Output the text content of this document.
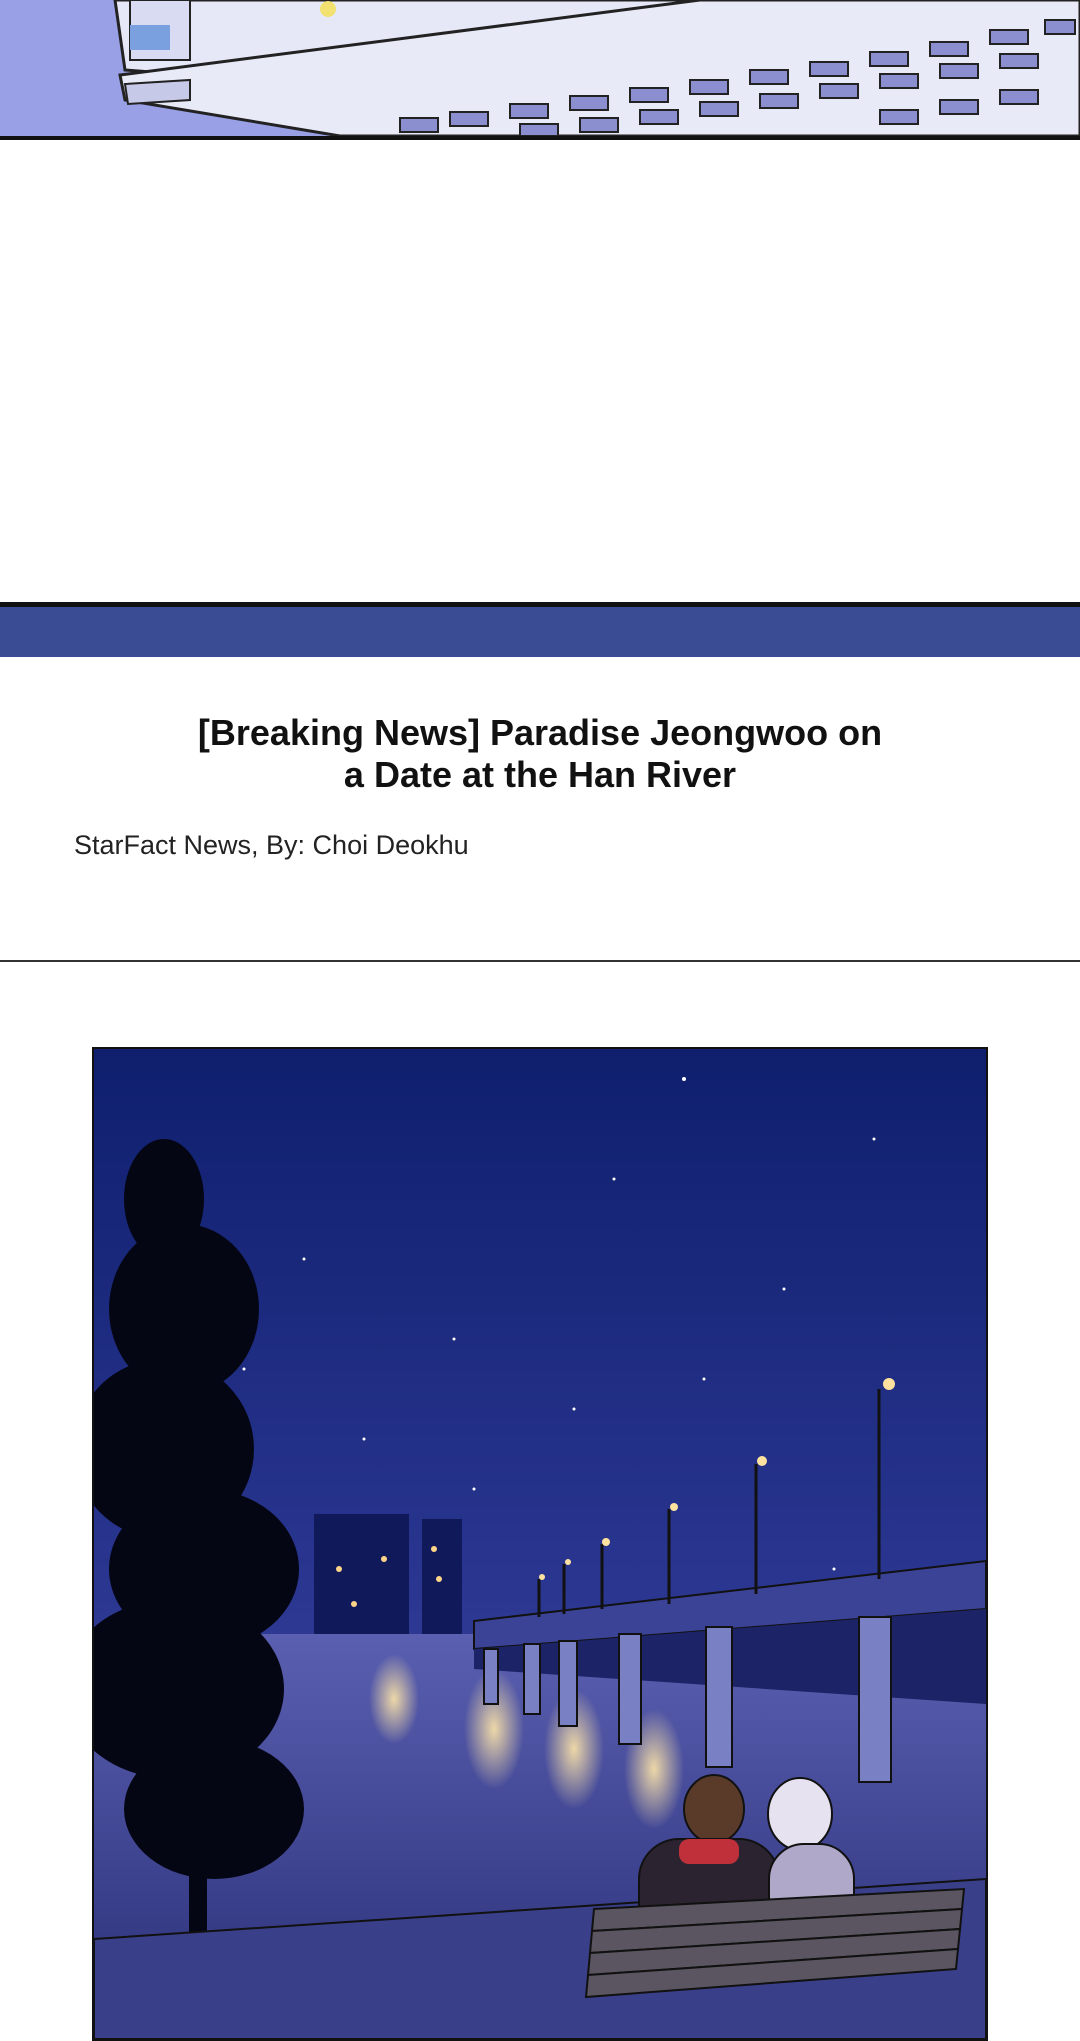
[Breaking News] Paradise Jeongwoo on
a Date at the Han River
StarFact News, By: Choi Deokhu
